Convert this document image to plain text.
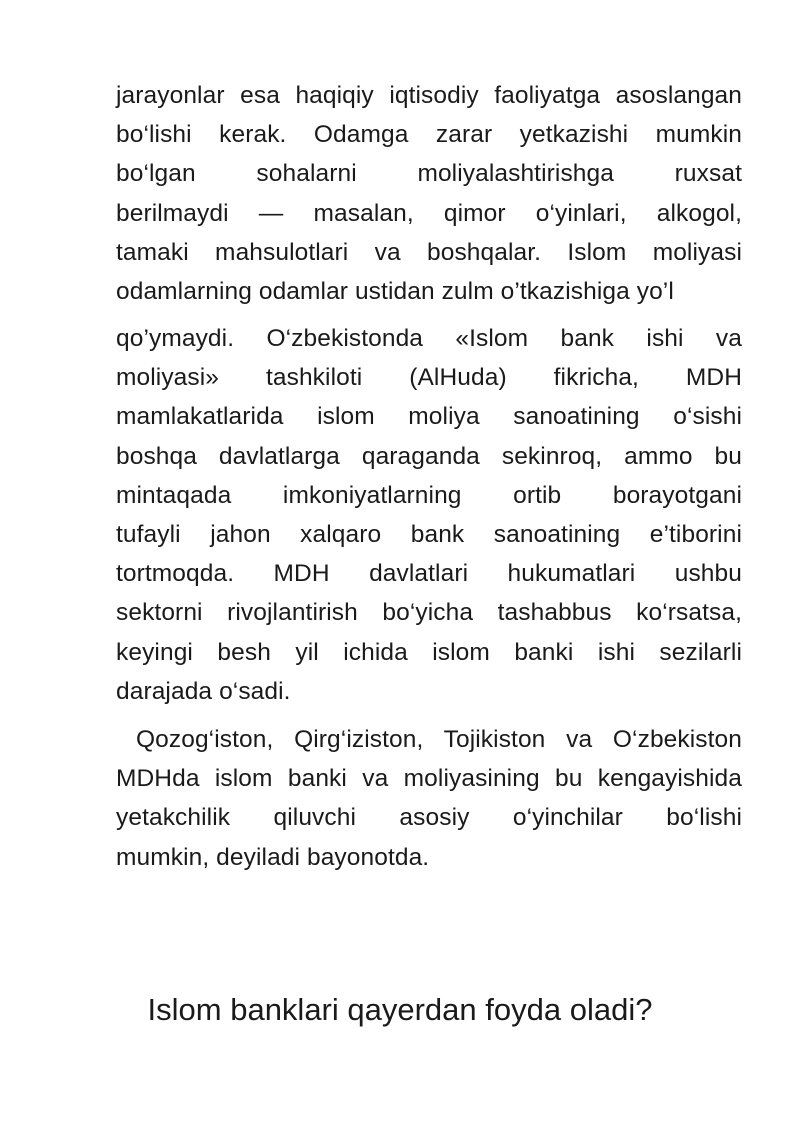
jarayonlar esa haqiqiy iqtisodiy faoliyatga asoslangan
bo‘lishi kerak. Odamga zarar yetkazishi mumkin
bo‘lgan sohalarni moliyalashtirishga ruxsat
berilmaydi — masalan, qimor o‘yinlari, alkogol,
tamaki mahsulotlari va boshqalar. Islom moliyasi
odamlarning odamlar ustidan zulm o’tkazishiga yo’l
qo’ymaydi. O‘zbekistonda «Islom bank ishi va
moliyasi» tashkiloti (AlHuda) fikricha, MDH
mamlakatlarida islom moliya sanoatining o‘sishi
boshqa davlatlarga qaraganda sekinroq, ammo bu
mintaqada imkoniyatlarning ortib borayotgani
tufayli jahon xalqaro bank sanoatining e’tiborini
tortmoqda. MDH davlatlari hukumatlari ushbu
sektorni rivojlantirish bo‘yicha tashabbus ko‘rsatsa,
keyingi besh yil ichida islom banki ishi sezilarli
darajada o‘sadi.
Qozog‘iston, Qirg‘iziston, Tojikiston va O‘zbekiston
MDHda islom banki va moliyasining bu kengayishida
yetakchilik qiluvchi asosiy o‘yinchilar bo‘lishi
mumkin, deyiladi bayonotda.
Islom banklari qayerdan foyda oladi?
